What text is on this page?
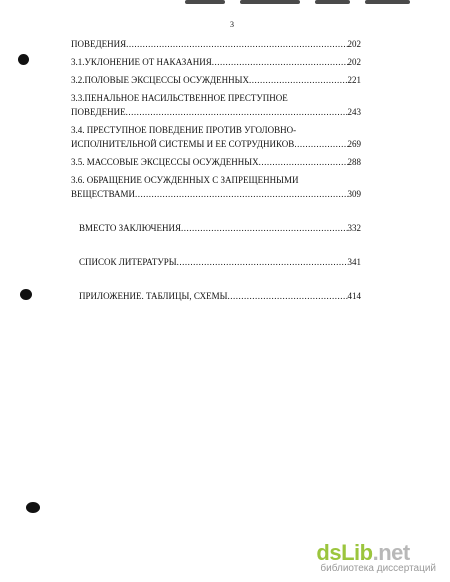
3
ПОВЕДЕНИЯ .....	202
3.1.УКЛОНЕНИЕ ОТ НАКАЗАНИЯ .....	202
3.2.ПОЛОВЫЕ ЭКСЦЕССЫ ОСУЖДЕННЫХ .....	221
3.3.ПЕНАЛЬНОЕ НАСИЛЬСТВЕННОЕ ПРЕСТУПНОЕ
ПОВЕДЕНИЕ .....	243
3.4. ПРЕСТУПНОЕ ПОВЕДЕНИЕ ПРОТИВ УГОЛОВНО-
ИСПОЛНИТЕЛЬНОЙ СИСТЕМЫ И ЕЕ СОТРУДНИКОВ .....	269
3.5. МАССОВЫЕ ЭКСЦЕССЫ ОСУЖДЕННЫХ .....	288
3.6. ОБРАЩЕНИЕ ОСУЖДЕННЫХ С ЗАПРЕЩЕННЫМИ
ВЕЩЕСТВАМИ .....	309
ВМЕСТО ЗАКЛЮЧЕНИЯ .....	332
СПИСОК ЛИТЕРАТУРЫ .....	341
ПРИЛОЖЕНИЕ. ТАБЛИЦЫ, СХЕМЫ .....	414
dsLib.net
библиотека диссертаций
